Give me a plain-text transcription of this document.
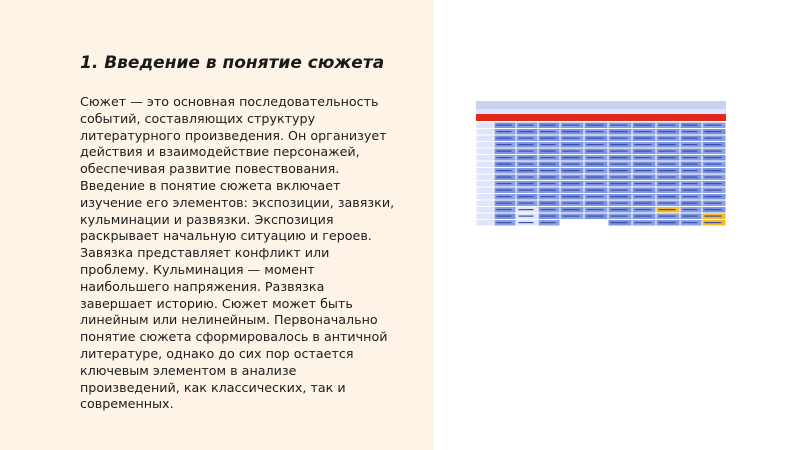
1. Введение в понятие сюжета

Сюжет — это основная последовательность событий, составляющих структуру литературного произведения. Он организует действия и взаимодействие персонажей, обеспечивая развитие повествования. Введение в понятие сюжета включает изучение его элементов: экспозиции, завязки, кульминации и развязки. Экспозиция раскрывает начальную ситуацию и героев. Завязка представляет конфликт или проблему. Кульминация — момент наибольшего напряжения. Развязка завершает историю. Сюжет может быть линейным или нелинейным. Первоначально понятие сюжета сформировалось в античной литературе, однако до сих пор остается ключевым элементом в анализе произведений, как классических, так и современных.
